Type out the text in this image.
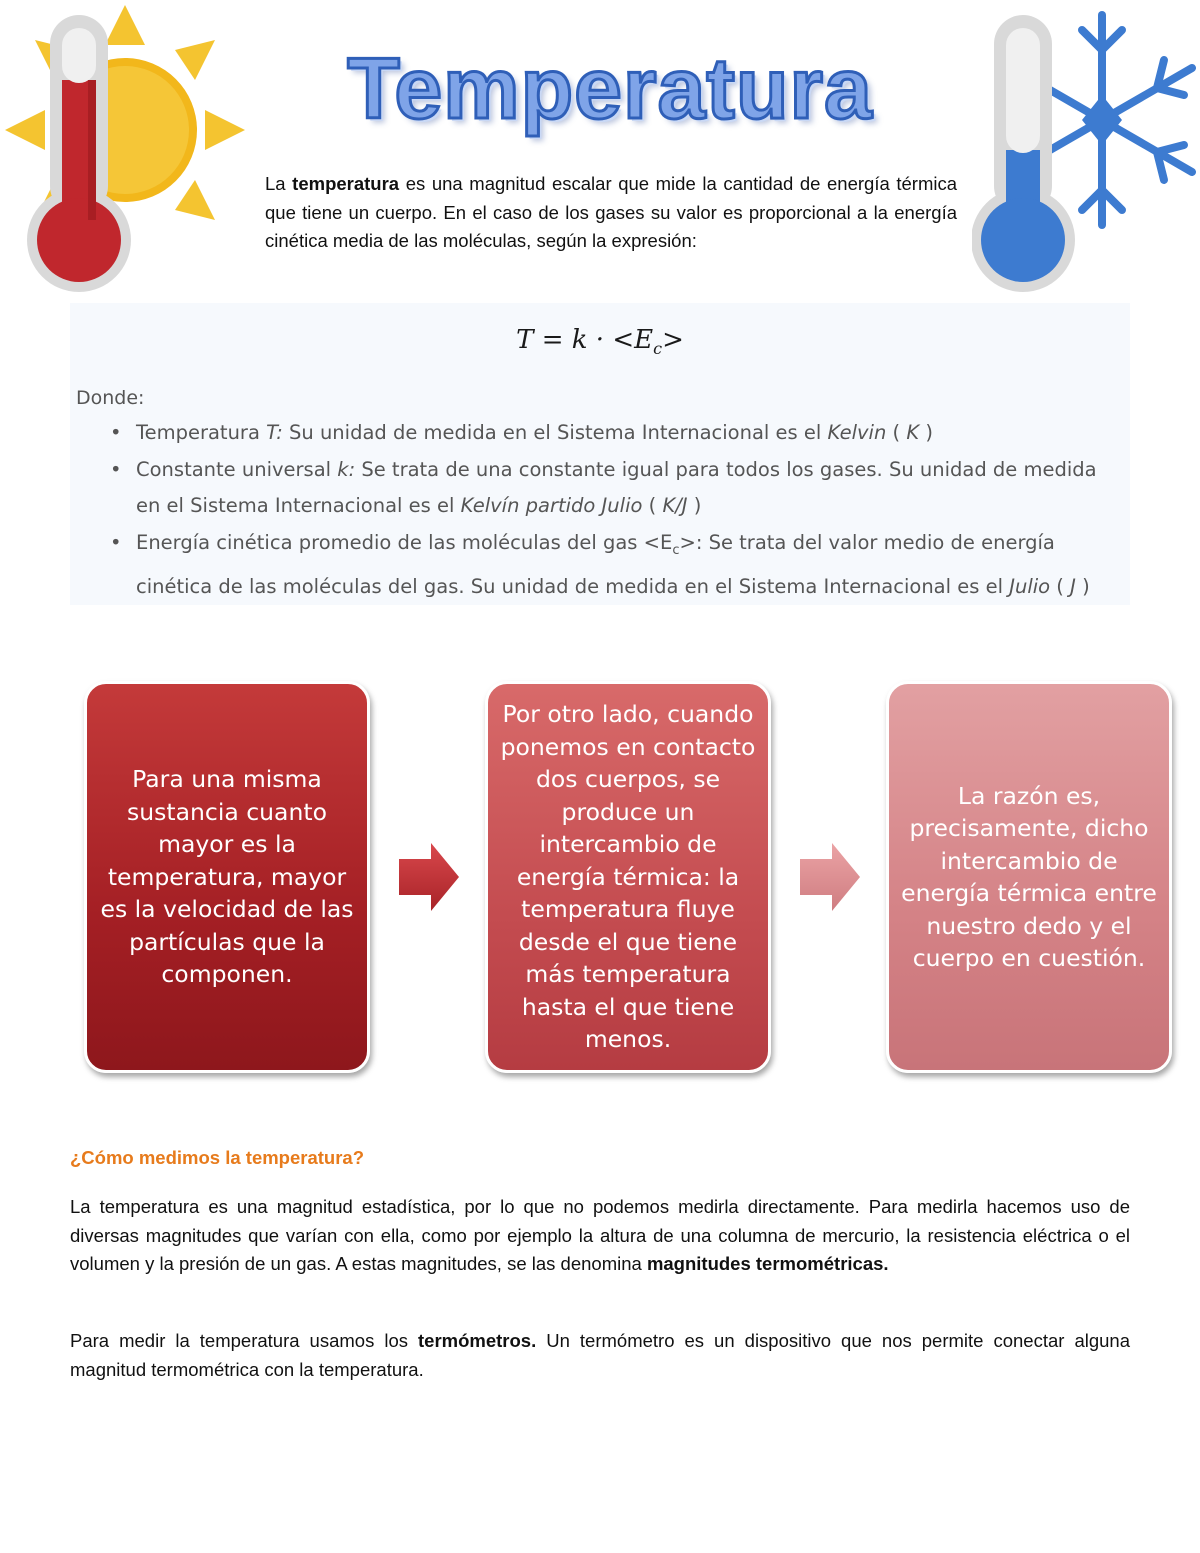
Temperatura

La temperatura es una magnitud escalar que mide la cantidad de energía térmica que tiene un cuerpo. En el caso de los gases su valor es proporcional a la energía cinética media de las moléculas, según la expresión:

$T = k \cdot <E_c>$
Donde:
• Temperatura T: Su unidad de medida en el Sistema Internacional es el Kelvin ( K )
• Constante universal k: Se trata de una constante igual para todos los gases. Su unidad de medida en el Sistema Internacional es el Kelvín partido Julio ( K/J )
• Energía cinética promedio de las moléculas del gas $<E_c>$: Se trata del valor medio de energía cinética de las moléculas del gas. Su unidad de medida en el Sistema Internacional es el Julio ( J )
Para una misma sustancia cuanto mayor es la temperatura, mayor es la velocidad de las partículas que la componen.
Por otro lado, cuando ponemos en contacto dos cuerpos, se produce un intercambio de energía térmica: la temperatura fluye desde el que tiene más temperatura hasta el que tiene menos.
La razón es, precisamente, dicho intercambio de energía térmica entre nuestro dedo y el cuerpo en cuestión.
¿Cómo medimos la temperatura?

La temperatura es una magnitud estadística, por lo que no podemos medirla directamente. Para medirla hacemos uso de diversas magnitudes que varían con ella, como por ejemplo la altura de una columna de mercurio, la resistencia eléctrica o el volumen y la presión de un gas. A estas magnitudes, se las denomina magnitudes termométricas.

Para medir la temperatura usamos los termómetros. Un termómetro es un dispositivo que nos permite conectar alguna magnitud termométrica con la temperatura.
